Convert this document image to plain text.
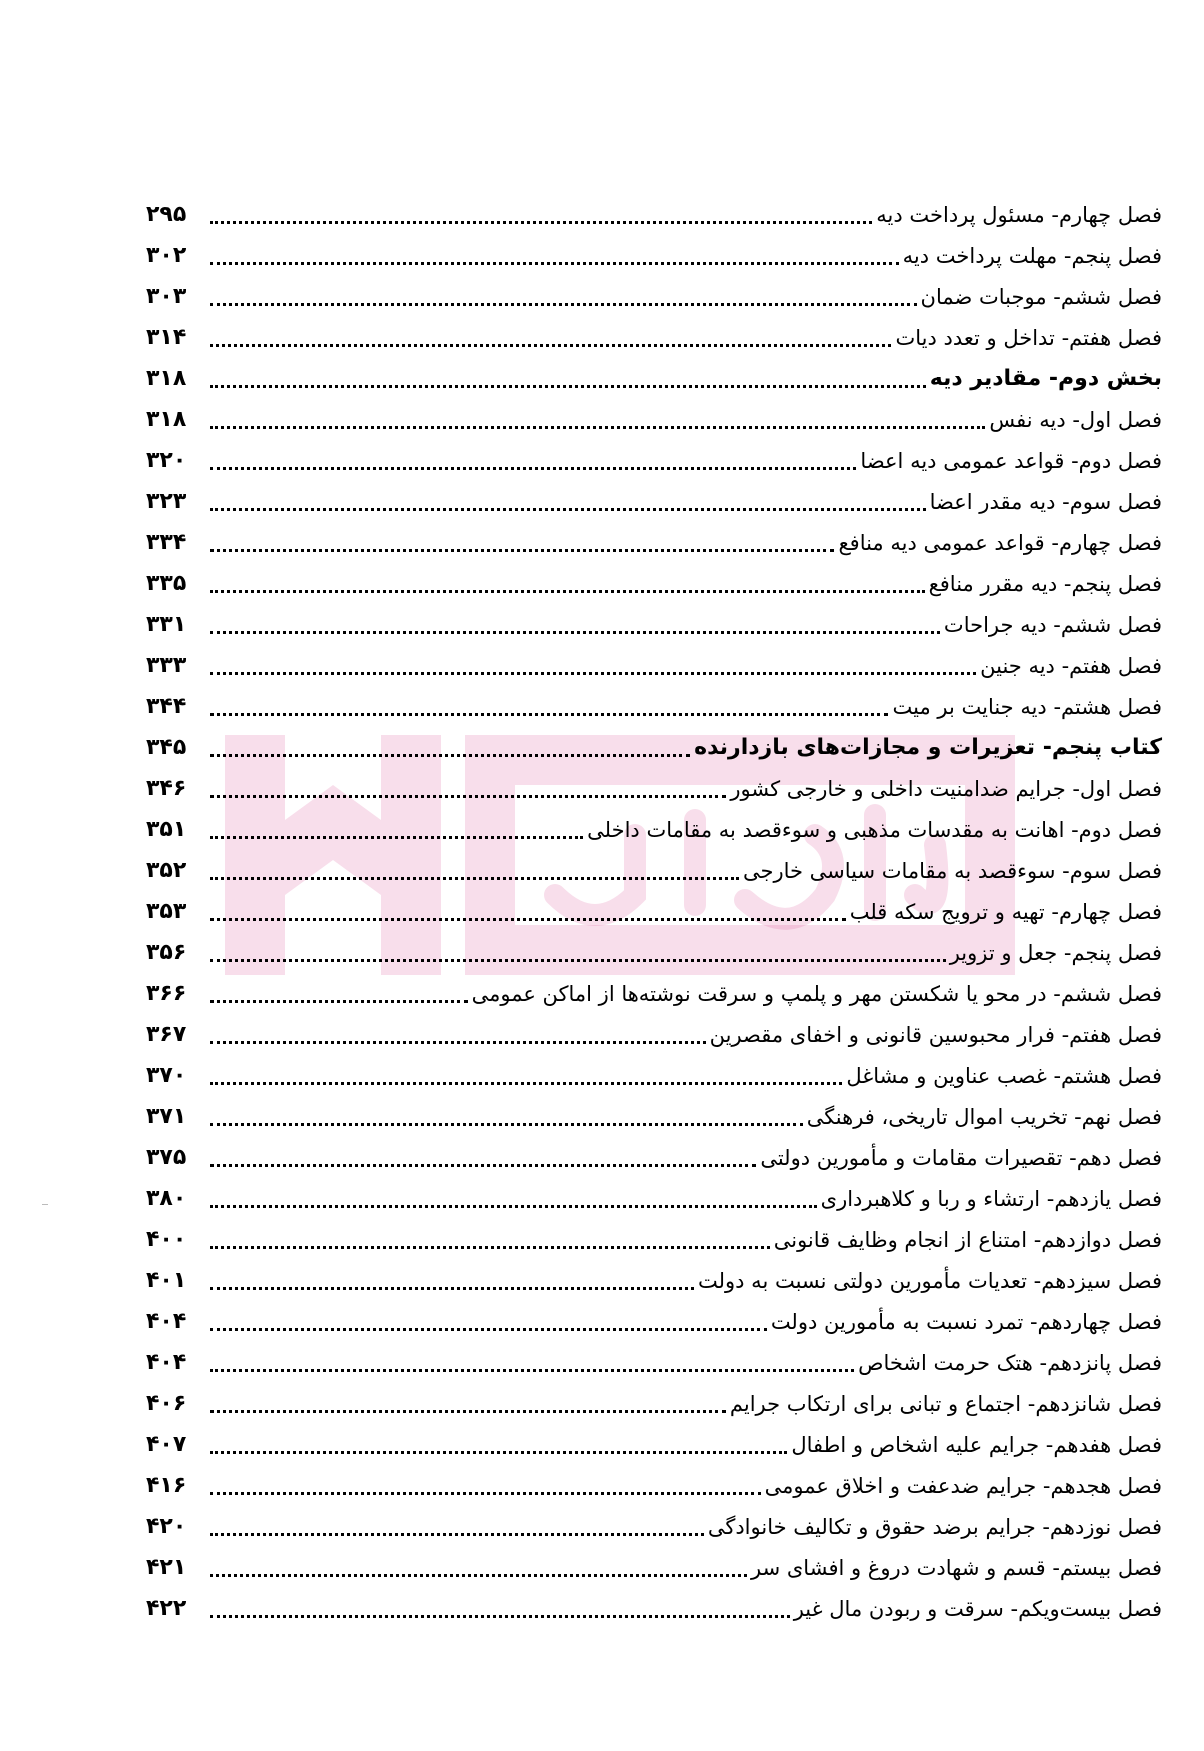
فصل چهارم- مسئول پرداخت دیه
۲۹۵
فصل پنجم- مهلت پرداخت دیه
۳۰۲
فصل ششم- موجبات ضمان
۳۰۳
فصل هفتم- تداخل و تعدد دیات
۳۱۴
بخش دوم- مقادیر دیه
۳۱۸
فصل اول- دیه نفس
۳۱۸
فصل دوم- قواعد عمومی دیه اعضا
۳۲۰
فصل سوم- دیه مقدر اعضا
۳۲۳
فصل چهارم- قواعد عمومی دیه منافع
۳۳۴
فصل پنجم- دیه مقرر منافع
۳۳۵
فصل ششم- دیه جراحات
۳۳۱
فصل هفتم- دیه جنین
۳۳۳
فصل هشتم- دیه جنایت بر میت
۳۴۴
کتاب پنجم- تعزیرات و مجازات‌های بازدارنده
۳۴۵
فصل اول- جرایم ضدامنیت داخلی و خارجی کشور
۳۴۶
فصل دوم- اهانت به مقدسات مذهبی و سوءقصد به مقامات داخلی
۳۵۱
فصل سوم- سوءقصد به مقامات سیاسی خارجی
۳۵۲
فصل چهارم- تهیه و ترویج سکه قلب
۳۵۳
فصل پنجم- جعل و تزویر
۳۵۶
فصل ششم- در محو یا شکستن مهر و پلمپ و سرقت نوشته‌ها از اماکن عمومی
۳۶۶
فصل هفتم- فرار محبوسین قانونی و اخفای مقصرین
۳۶۷
فصل هشتم- غصب عناوین و مشاغل
۳۷۰
فصل نهم- تخریب اموال تاریخی، فرهنگی
۳۷۱
فصل دهم- تقصیرات مقامات و مأمورین دولتی
۳۷۵
فصل یازدهم- ارتشاء و ربا و کلاهبرداری
۳۸۰
فصل دوازدهم- امتناع از انجام وظایف قانونی
۴۰۰
فصل سیزدهم- تعدیات مأمورین دولتی نسبت به دولت
۴۰۱
فصل چهاردهم- تمرد نسبت به مأمورین دولت
۴۰۴
فصل پانزدهم- هتک حرمت اشخاص
۴۰۴
فصل شانزدهم- اجتماع و تبانی برای ارتکاب جرایم
۴۰۶
فصل هفدهم- جرایم علیه اشخاص و اطفال
۴۰۷
فصل هجدهم- جرایم ضدعفت و اخلاق عمومی
۴۱۶
فصل نوزدهم- جرایم برضد حقوق و تکالیف خانوادگی
۴۲۰
فصل بیستم- قسم و شهادت دروغ و افشای سر
۴۲۱
فصل بیست‌ویکم- سرقت و ربودن مال غیر
۴۲۲
